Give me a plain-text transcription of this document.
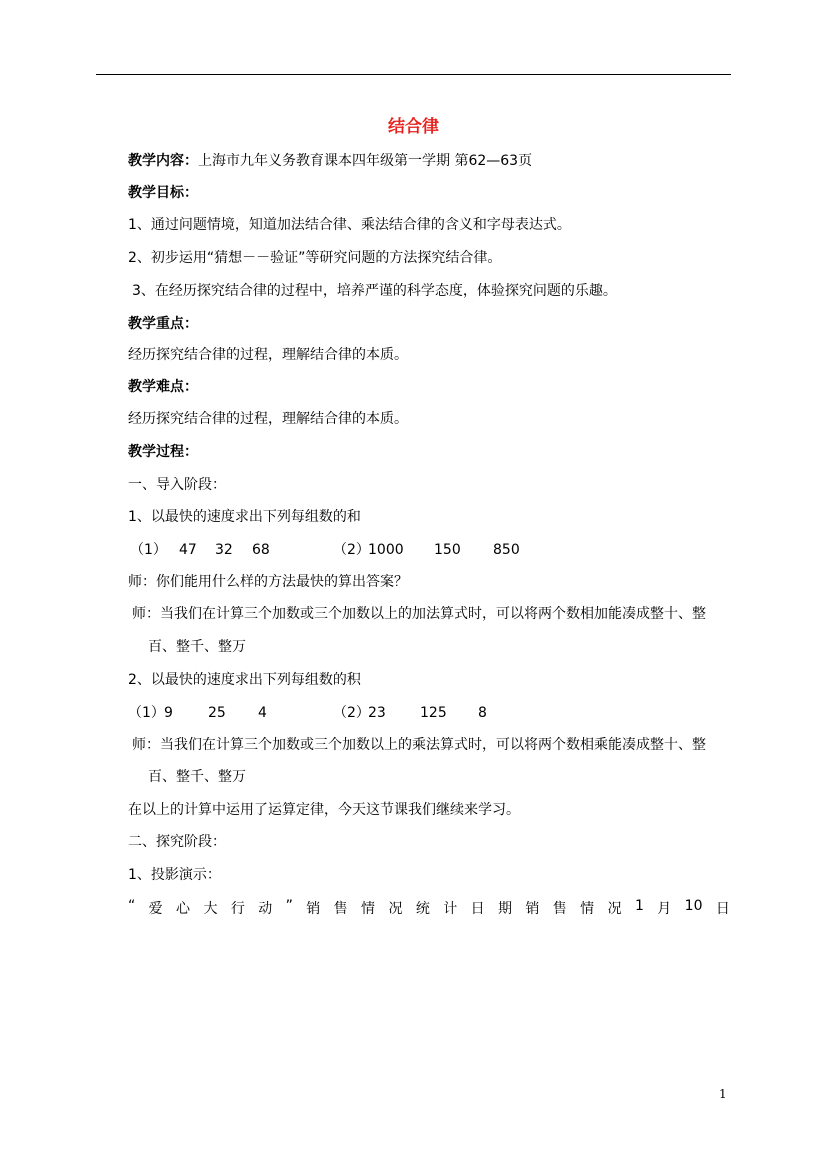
结合律
教学内容：上海市九年义务教育课本四年级第一学期 第62—63页
教学目标：
1、通过问题情境，知道加法结合律、乘法结合律的含义和字母表达式。
2、初步运用“猜想－－验证”等研究问题的方法探究结合律。
3、在经历探究结合律的过程中，培养严谨的科学态度，体验探究问题的乐趣。
教学重点：
经历探究结合律的过程，理解结合律的本质。
教学难点：
经历探究结合律的过程，理解结合律的本质。
教学过程：
一、导入阶段：
1、以最快的速度求出下列每组数的和
（1） 47 32 68	（2）
1000 150 850
师：你们能用什么样的方法最快的算出答案？
师：当我们在计算三个加数或三个加数以上的加法算式时，可以将两个数相加能凑成整十、整
百、整千、整万
2、以最快的速度求出下列每组数的积
（1） 9	25 4	（2）
23 125 8
师：当我们在计算三个加数或三个加数以上的乘法算式时，可以将两个数相乘能凑成整十、整
百、整千、整万
在以上的计算中运用了运算定律，今天这节课我们继续来学习。
二、探究阶段：
1、投影演示：
“ 爱 心 大 行 动 ” 销 售 情 况 统 计 日 期 销 售 情 况 1 月 10 日
1
